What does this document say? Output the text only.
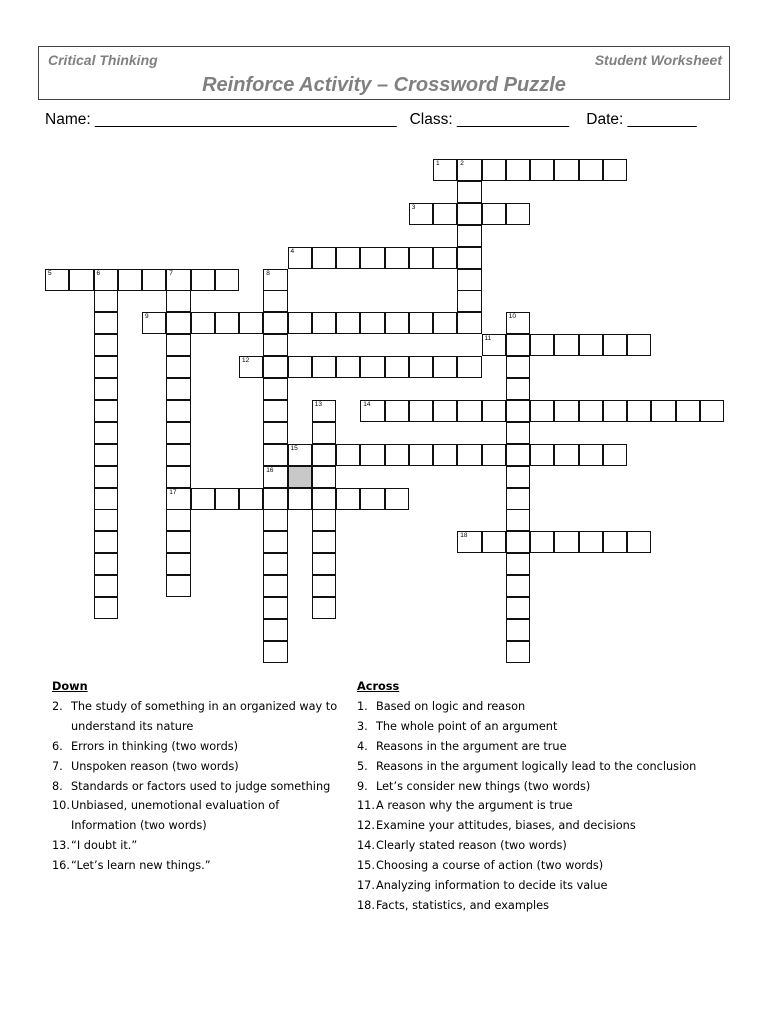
Critical Thinking	Student Worksheet
Reinforce Activity – Crossword Puzzle
Name: ___________________________________   Class: _____________    Date: ________
1	2
3
4
5	6	7
17
8
16
9	10
11
12
13	14
15
18
Down
2. The study of something in an organized way to understand its nature
6. Errors in thinking (two words)
7. Unspoken reason (two words)
8. Standards or factors used to judge something
10.Unbiased, unemotional evaluation of Information (two words)
13.“I doubt it.”
16.“Let’s learn new things.”
Across
1. Based on logic and reason
3. The whole point of an argument
4. Reasons in the argument are true
5. Reasons in the argument logically lead to the conclusion
9. Let’s consider new things (two words)
11.A reason why the argument is true
12.Examine your attitudes, biases, and decisions
14.Clearly stated reason (two words)
15.Choosing a course of action (two words)
17.Analyzing information to decide its value
18.Facts, statistics, and examples
